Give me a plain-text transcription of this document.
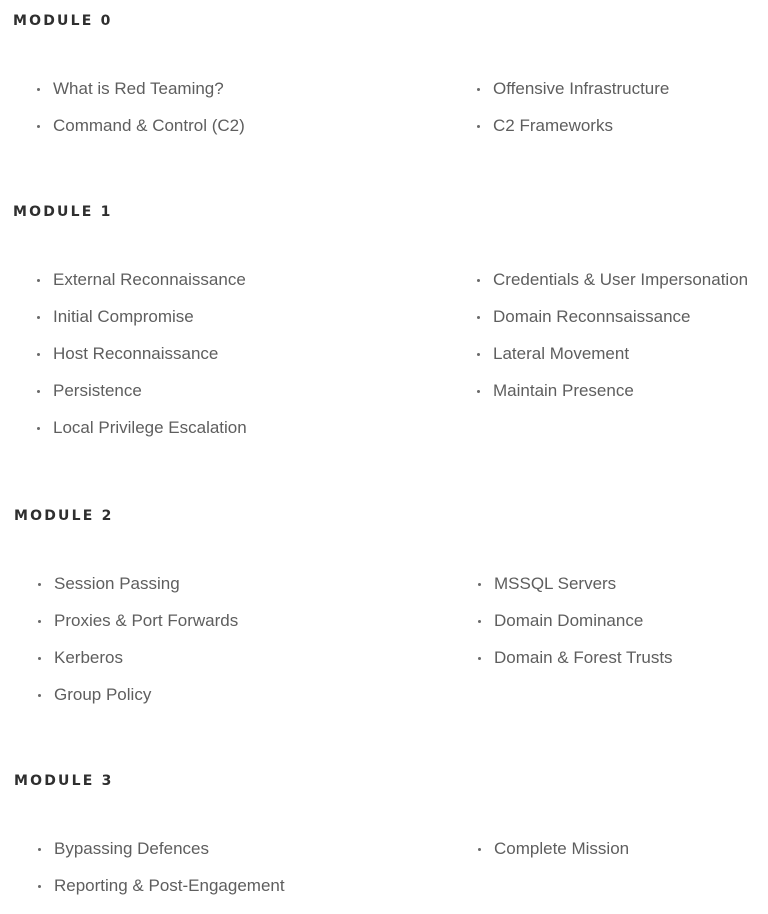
MODULE 0
What is Red Teaming?
Command & Control (C2)
Offensive Infrastructure
C2 Frameworks
MODULE 1
External Reconnaissance
Initial Compromise
Host Reconnaissance
Persistence
Local Privilege Escalation
Credentials & User Impersonation
Domain Reconnsaissance
Lateral Movement
Maintain Presence
MODULE 2
Session Passing
Proxies & Port Forwards
Kerberos
Group Policy
MSSQL Servers
Domain Dominance
Domain & Forest Trusts
MODULE 3
Bypassing Defences
Reporting & Post-Engagement
Complete Mission
